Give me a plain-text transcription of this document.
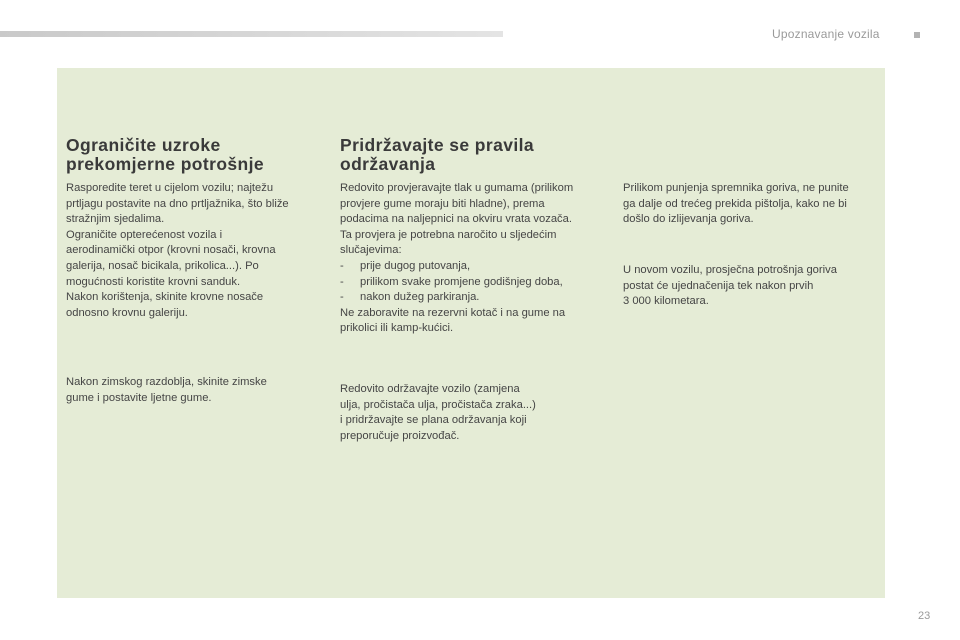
Upoznavanje vozila
Ograničite uzroke
prekomjerne potrošnje

Rasporedite teret u cijelom vozilu; najtežu
prtljagu postavite na dno prtljažnika, što bliže
stražnjim sjedalima.
Ograničite opterećenost vozila i
aerodinamički otpor (krovni nosači, krovna
galerija, nosač bicikala, prikolica...). Po
mogućnosti koristite krovni sanduk.
Nakon korištenja, skinite krovne nosače
odnosno krovnu galeriju.

Nakon zimskog razdoblja, skinite zimske
gume i postavite ljetne gume.

Pridržavajte se pravila
održavanja

Redovito provjeravajte tlak u gumama (prilikom
provjere gume moraju biti hladne), prema
podacima na naljepnici na okviru vrata vozača.
Ta provjera je potrebna naročito u sljedećim
slučajevima:

- prije dugog putovanja,
- prilikom svake promjene godišnjeg doba,
- nakon dužeg parkiranja.

Ne zaboravite na rezervni kotač i na gume na
prikolici ili kamp-kućici.

Redovito održavajte vozilo (zamjena
ulja, pročistača ulja, pročistača zraka...)
i pridržavajte se plana održavanja koji
preporučuje proizvođač.

Prilikom punjenja spremnika goriva, ne punite
ga dalje od trećeg prekida pištolja, kako ne bi
došlo do izlijevanja goriva.

U novom vozilu, prosječna potrošnja goriva
postat će ujednačenija tek nakon prvih
3 000 kilometara.

23
